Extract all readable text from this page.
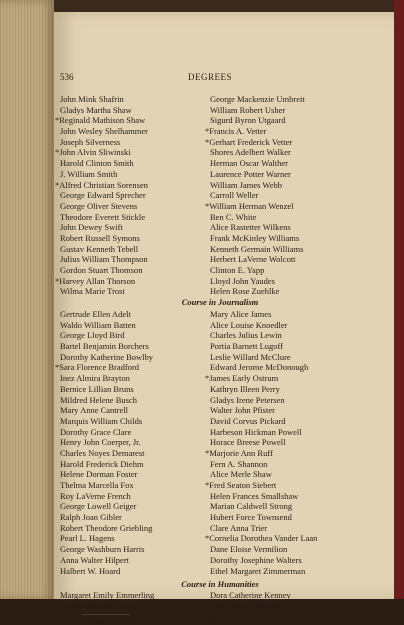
536	DEGREES
John Mink Shafrin
Gladys Martha Shaw
*Reginald Mathison Shaw
John Wesley Shelhammer
Joseph Silverness
*John Alvin Sliwinski
Harold Clinton Smith
J. William Smith
*Alfred Christian Sorensen
George Edward Sprecher
George Oliver Stevens
Theodore Everett Stickle
John Dewey Swift
Robert Russell Symons
Gustav Kenneth Tebell
Julius William Thompson
Gordon Stuart Thomson
*Harvey Allan Thorson
Wilma Marie Trost
George Mackenzie Umbreit
William Robert Usher
Sigurd Byron Utgaard
*Francis A. Vetter
*Gerhart Frederick Vetter
Shores Adelbert Walker
Herman Oscar Walther
Laurence Potter Warner
William James Webb
Carroll Weller
*William Herman Wenzel
Ben C. White
Alice Rastetter Wilkens
Frank McKinley Williams
Kenneth Germain Williams
Herbert LaVerne Wolcott
Clinton E. Yapp
Lloyd John Yaudes
Helen Rose Zuehlke
Course in Journalism
Gertrude Ellen Adelt
Waldo William Batten
George Lloyd Bird
Bartel Benjamin Borchers
Dorothy Katherine Bowlby
*Sara Florence Bradford
Inez Almira Brayton
Bernice Lillian Bruns
Mildred Helene Busch
Mary Anne Cantrell
Marquis William Childs
Dorothy Grace Clare
Henry John Coerper, Jr.
Charles Noyes Demarest
Harold Frederick Diehm
Helene Dorman Foster
Thelma Marcella Fox
Roy LaVerne French
George Lowell Geiger
Ralph Joan Gibler
Robert Theodore Griebling
Pearl L. Hagens
George Washburn Harris
Anna Walter Hilpert
Halbert W. Hoard
Mary Alice James
Alice Louise Knoedler
Charles Julius Lewin
Portia Barnett Lugoff
Leslie Willard McClure
Edward Jerome McDonough
*James Early Ostrum
Kathryn Illeen Perry
Gladys Irene Petersen
Walter John Pfister
David Corvus Pickard
Harbeson Hickman Powell
Horace Breese Powell
*Marjorie Ann Ruff
Fern A. Shannon
Alice Merle Shaw
*Fred Seaton Siebert
Helen Frances Smallshaw
Marian Caldwell Strong
Hubert Force Townsend
Clare Anna Trier
*Cornelia Dorothea Vander Laan
Dane Eloise Vermilion
Dorothy Josephine Walters
Ethel Margaret Zimmerman
Course in Humanities
Margaret Emily Emmerling
Eleanor Bushnell Head
Dora Catherine Kenney
Susie Mary Sullivan
*Degree conferred since Commencement 1923.
